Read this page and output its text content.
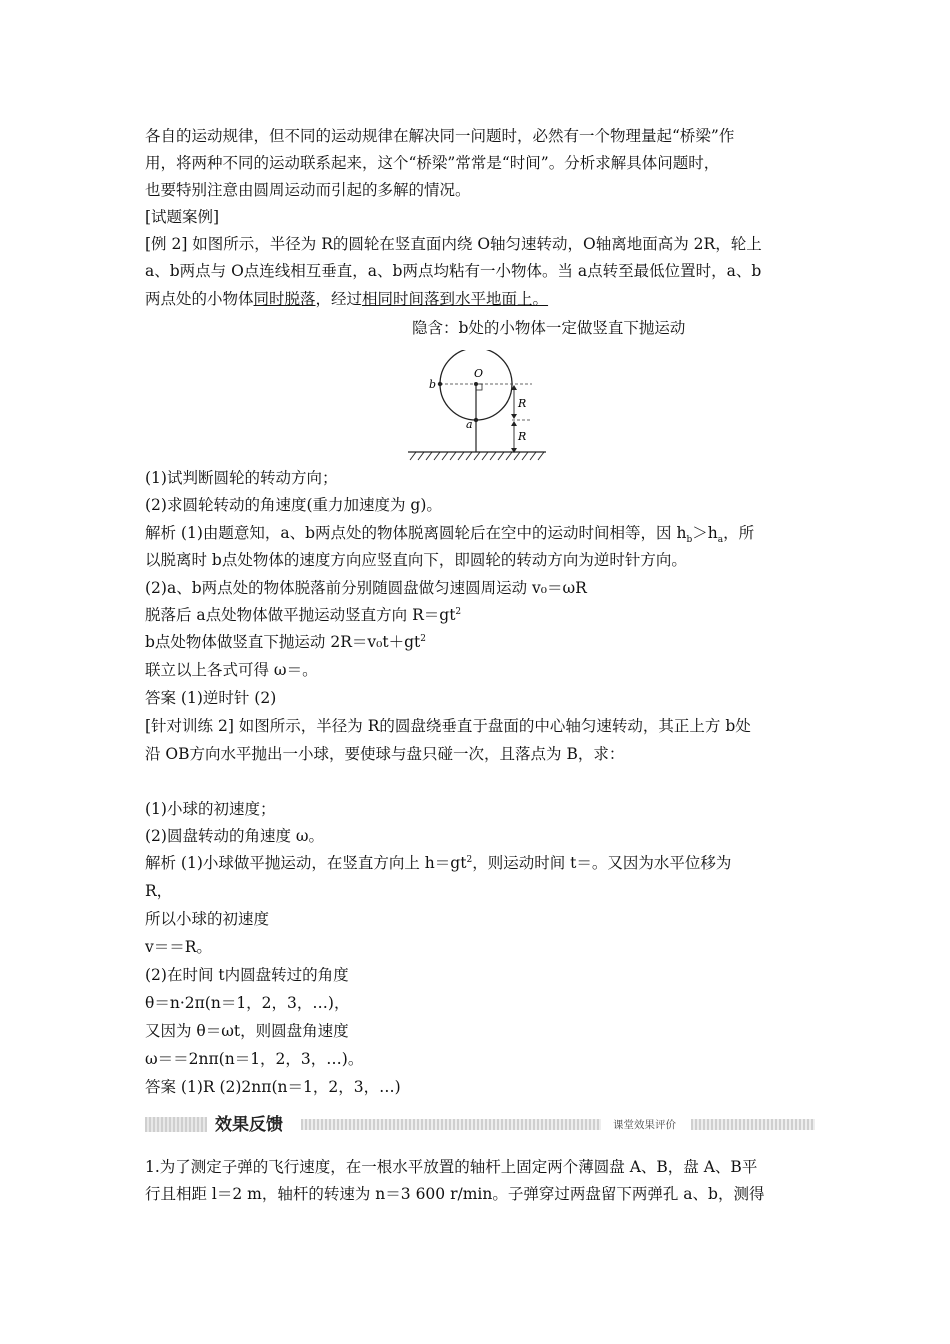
各自的运动规律，但不同的运动规律在解决同一问题时，必然有一个物理量起“桥梁”作
用，将两种不同的运动联系起来，这个“桥梁”常常是“时间”。分析求解具体问题时，
也要特别注意由圆周运动而引起的多解的情况。
[试题案例]
[例 2] 如图所示，半径为 R的圆轮在竖直面内绕 O轴匀速转动，O轴离地面高为 2R，轮上
a、b两点与 O点连线相互垂直，a、b两点均粘有一小物体。当 a点转至最低位置时，a、b
两点处的小物体同时脱落，经过相同时间落到水平地面上。
隐含：b处的小物体一定做竖直下抛运动
O
b
a
R
R
(1)试判断圆轮的转动方向；
(2)求圆轮转动的角速度(重力加速度为 g)。
解析 (1)由题意知，a、b两点处的物体脱离圆轮后在空中的运动时间相等，因 $h_b>h_a$，所
以脱离时 b点处物体的速度方向应竖直向下，即圆轮的转动方向为逆时针方向。
(2)a、b两点处的物体脱落前分别随圆盘做匀速圆周运动 v₀＝ωR
脱落后 a点处物体做平抛运动竖直方向 $R=gt^2$
b点处物体做竖直下抛运动 $2R=v_0t+gt^2$
联立以上各式可得 ω＝。
答案 (1)逆时针 (2)
[针对训练 2] 如图所示，半径为 R的圆盘绕垂直于盘面的中心轴匀速转动，其正上方 b处
沿 OB方向水平抛出一小球，要使球与盘只碰一次，且落点为 B，求：
(1)小球的初速度；
(2)圆盘转动的角速度 ω。
解析 (1)小球做平抛运动，在竖直方向上 $h=gt^2$，则运动时间 t＝。又因为水平位移为
R，
所以小球的初速度
v＝＝R。
(2)在时间 t内圆盘转过的角度
θ＝n·2π(n＝1，2，3，…)，
又因为 θ＝ωt，则圆盘角速度
ω＝＝2nπ(n＝1，2，3，…)。
答案 (1)R (2)2nπ(n＝1，2，3，…)
效果反馈	课堂效果评价
1.为了测定子弹的飞行速度，在一根水平放置的轴杆上固定两个薄圆盘 A、B，盘 A、B平
行且相距 l＝2 m，轴杆的转速为 n＝3 600 r/min。子弹穿过两盘留下两弹孔 a、b，测得
